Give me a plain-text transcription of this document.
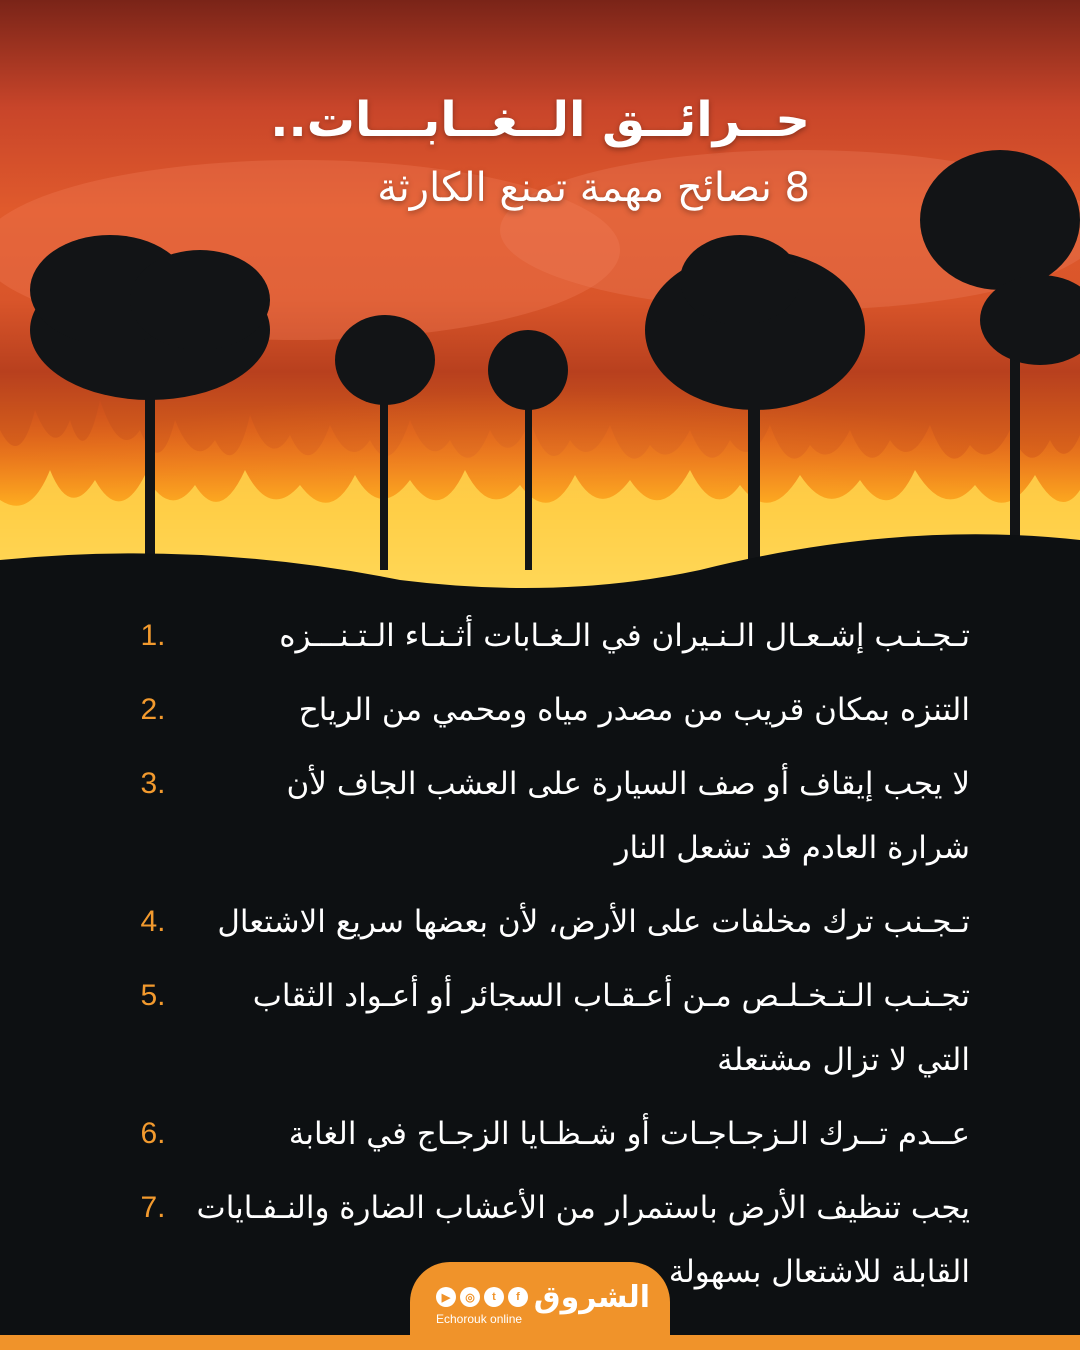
حــرائــق الــغــابـــات..
8 نصائح مهمة تمنع الكارثة
تـجـنـب إشـعـال الـنـيران في الـغـابات أثـنـاء الـتـنـــزه
1.
التنزه بمكان قريب من مصدر مياه ومحمي من الرياح
2.
لا يجب إيقاف أو صف السيارة على العشب الجاف لأن شرارة العادم قد تشعل النار
3.
تـجـنب ترك مخلفات على الأرض، لأن بعضها سريع الاشتعال
4.
تجـنـب الـتـخـلـص مـن أعـقـاب السجائر أو أعـواد الثقاب التي لا تزال مشتعلة
5.
عــدم تــرك الـزجـاجـات أو شـظـايا الزجـاج في الغابة
6.
يجب تنظيف الأرض باستمرار من الأعشاب الضارة والنـفـايات القابلة للاشتعال بسهولة
7.
الشروق
▶	◎	t	f
Echorouk online
